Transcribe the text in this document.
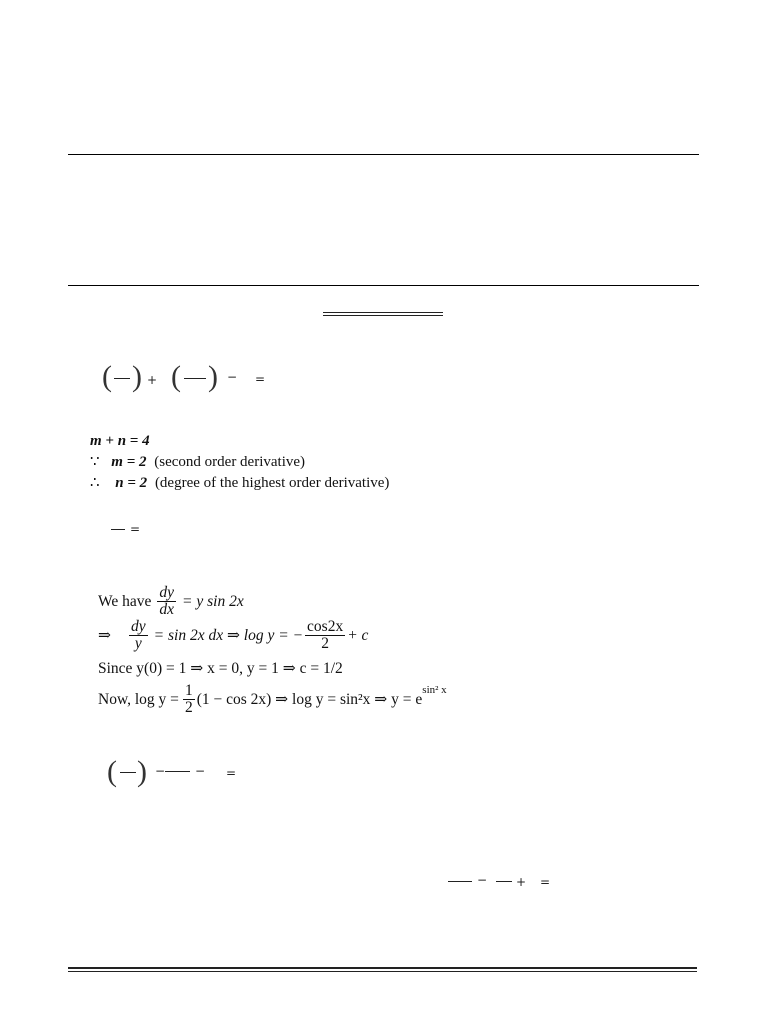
( ) + ( ) − =
m + n = 4
∵ m = 2 (second order derivative)
∴ n = 2 (degree of the highest order derivative)
=
We have $\frac{dy}{dx} = y$ sin 2x
⇒ $\frac{dy}{y} = \sin 2x$ dx ⇒ log y = − $\frac{\cos 2x}{2} + c$
Since y(0) = 1 ⇒ x = 0, y = 1 ⇒ c = 1/2
Now, $\log y = \frac{1}{2} (1 - \cos 2x)$ ⇒ log y = sin²x ⇒ y = e
$^{sin^2 x}$
( ) − − =
− + =
